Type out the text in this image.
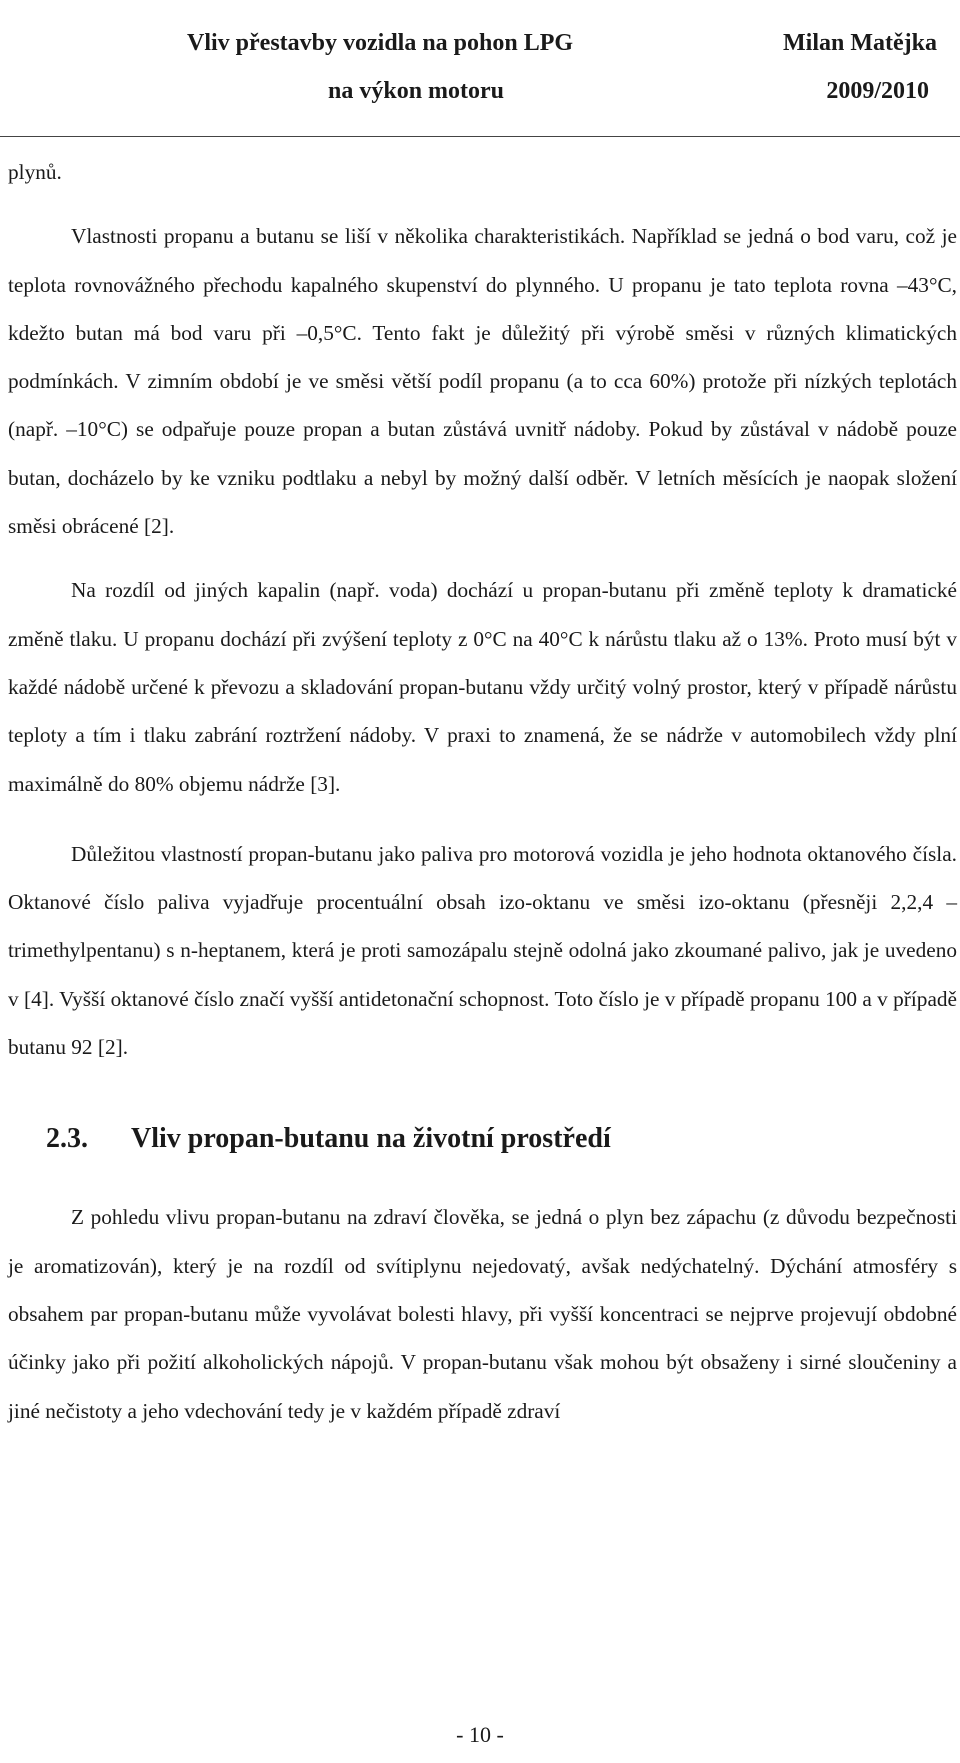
Vliv přestavby vozidla na pohon LPG
na výkon motoru
Milan Matějka
2009/2010

plynů.

Vlastnosti propanu a butanu se liší v několika charakteristikách. Například se jedná o bod varu, což je teplota rovnovážného přechodu kapalného skupenství do plynného. U propanu je tato teplota rovna –43°C, kdežto butan má bod varu při –0,5°C. Tento fakt je důležitý při výrobě směsi v různých klimatických podmínkách. V zimním období je ve směsi větší podíl propanu (a to cca 60%) protože při nízkých teplotách (např. –10°C) se odpařuje pouze propan a butan zůstává uvnitř nádoby. Pokud by zůstával v nádobě pouze butan, docházelo by ke vzniku podtlaku a nebyl by možný další odběr. V letních měsících je naopak složení směsi obrácené [2].

Na rozdíl od jiných kapalin (např. voda) dochází u propan-butanu při změně teploty k dramatické změně tlaku. U propanu dochází při zvýšení teploty z 0°C na 40°C k nárůstu tlaku až o 13%. Proto musí být v každé nádobě určené k převozu a skladování propan-butanu vždy určitý volný prostor, který v případě nárůstu teploty a tím i tlaku zabrání roztržení nádoby. V praxi to znamená, že se nádrže v automobilech vždy plní maximálně do 80% objemu nádrže [3].

Důležitou vlastností propan-butanu jako paliva pro motorová vozidla je jeho hodnota oktanového čísla. Oktanové číslo paliva vyjadřuje procentuální obsah izo-oktanu ve směsi izo-oktanu (přesněji 2,2,4 – trimethylpentanu) s n-heptanem, která je proti samozápalu stejně odolná jako zkoumané palivo, jak je uvedeno v [4]. Vyšší oktanové číslo značí vyšší antidetonační schopnost. Toto číslo je v případě propanu 100 a v případě butanu 92 [2].

2.3. Vliv propan-butanu na životní prostředí

Z pohledu vlivu propan-butanu na zdraví člověka, se jedná o plyn bez zápachu (z důvodu bezpečnosti je aromatizován), který je na rozdíl od svítiplynu nejedovatý, avšak nedýchatelný. Dýchání atmosféry s obsahem par propan-butanu může vyvolávat bolesti hlavy, při vyšší koncentraci se nejprve projevují obdobné účinky jako při požití alkoholických nápojů. V propan-butanu však mohou být obsaženy i sirné sloučeniny a jiné nečistoty a jeho vdechování tedy je v každém případě zdraví

- 10 -
